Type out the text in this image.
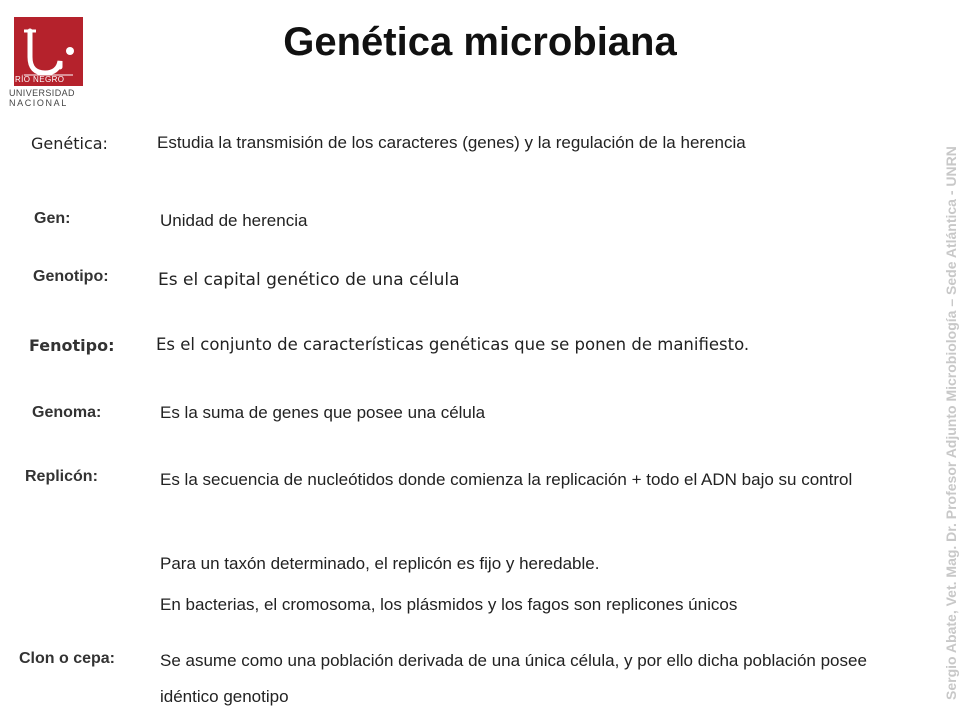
RÍO NEGRO
UNIVERSIDAD
NACIONAL
Genética microbiana
Genética:	Estudia la transmisión de los caracteres (genes) y la regulación de la herencia
Gen:	Unidad de herencia
Genotipo:	Es el capital genético de una célula
Fenotipo:	Es el conjunto de características genéticas que se ponen de manifiesto.
Genoma:	Es la suma de genes que posee una célula
Replicón:	Es la secuencia de nucleótidos donde comienza la replicación + todo el ADN bajo su control
Para un taxón determinado, el replicón es fijo y heredable.
En bacterias, el cromosoma, los plásmidos y los fagos son replicones únicos
Clon o cepa:	Se asume como una población derivada de una única célula, y por ello dicha población posee idéntico genotipo	Sergio Abate, Vet. Mag. Dr. Profesor Adjunto Microbiología – Sede Atlántica - UNRN
